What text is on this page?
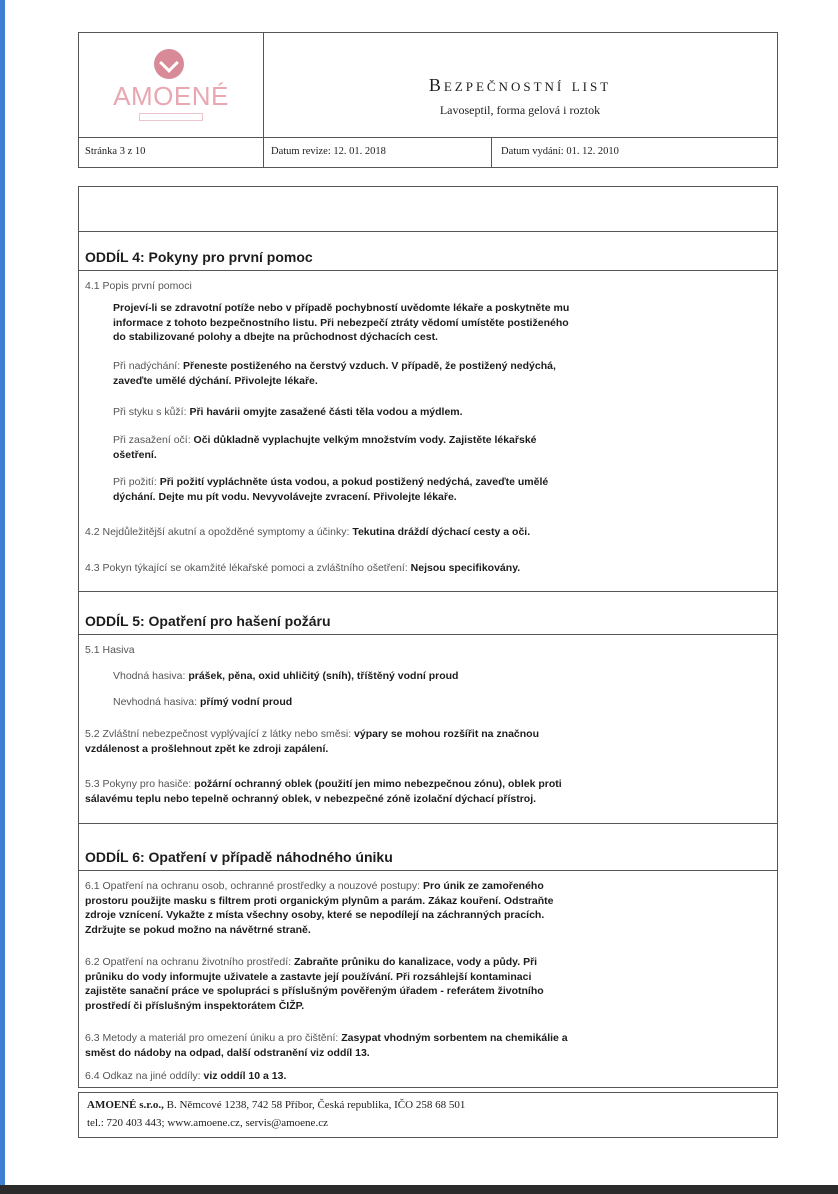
AMOENÉ	Bezpečnostní list
Lavoseptil, forma gelová i roztok
Stránka 3 z 10	Datum revize: 12. 01. 2018	Datum vydání: 01. 12. 2010
ODDÍL 4: Pokyny pro první pomoc
4.1 Popis první pomoci
Projeví-li se zdravotní potíže nebo v případě pochybností uvědomte lékaře a poskytněte mu
informace z tohoto bezpečnostního listu. Při nebezpečí ztráty vědomí umístěte postiženého
do stabilizované polohy a dbejte na průchodnost dýchacích cest.
Při nadýchání: Přeneste postiženého na čerstvý vzduch. V případě, že postižený nedýchá,
zaveďte umělé dýchání. Přivolejte lékaře.
Při styku s kůží: Při havárii omyjte zasažené části těla vodou a mýdlem.
Při zasažení očí: Oči důkladně vyplachujte velkým množstvím vody. Zajistěte lékařské
ošetření.
Při požití: Při požití vypláchněte ústa vodou, a pokud postižený nedýchá, zaveďte umělé
dýchání. Dejte mu pít vodu. Nevyvolávejte zvracení. Přivolejte lékaře.
4.2 Nejdůležitější akutní a opožděné symptomy a účinky: Tekutina dráždí dýchací cesty a oči.
4.3 Pokyn týkající se okamžité lékařské pomoci a zvláštního ošetření: Nejsou specifikovány.
ODDÍL 5: Opatření pro hašení požáru
5.1 Hasiva
Vhodná hasiva: prášek, pěna, oxid uhličitý (sníh), tříštěný vodní proud
Nevhodná hasiva: přímý vodní proud
5.2 Zvláštní nebezpečnost vyplývající z látky nebo směsi: výpary se mohou rozšířit na značnou
vzdálenost a prošlehnout zpět ke zdroji zapálení.
5.3 Pokyny pro hasiče: požární ochranný oblek (použití jen mimo nebezpečnou zónu), oblek proti
sálavému teplu nebo tepelně ochranný oblek, v nebezpečné zóně izolační dýchací přístroj.
ODDÍL 6: Opatření v případě náhodného úniku
6.1 Opatření na ochranu osob, ochranné prostředky a nouzové postupy: Pro únik ze zamořeného
prostoru použijte masku s filtrem proti organickým plynům a parám. Zákaz kouření. Odstraňte
zdroje vznícení. Vykažte z místa všechny osoby, které se nepodílejí na záchranných pracích.
Zdržujte se pokud možno na návětrné straně.
6.2 Opatření na ochranu životního prostředí: Zabraňte průniku do kanalizace, vody a půdy. Při
průniku do vody informujte uživatele a zastavte její používání. Při rozsáhlejší kontaminaci
zajistěte sanační práce ve spolupráci s příslušným pověřeným úřadem - referátem životního
prostředí či příslušným inspektorátem ČIŽP.
6.3 Metody a materiál pro omezení úniku a pro čištění: Zasypat vhodným sorbentem na chemikálie a
směst do nádoby na odpad, další odstranění viz oddíl 13.
6.4 Odkaz na jiné oddíly: viz oddíl 10 a 13.
AMOENÉ s.r.o., B. Němcové 1238, 742 58 Příbor, Česká republika, IČO 258 68 501
tel.: 720 403 443; www.amoene.cz, servis@amoene.cz
